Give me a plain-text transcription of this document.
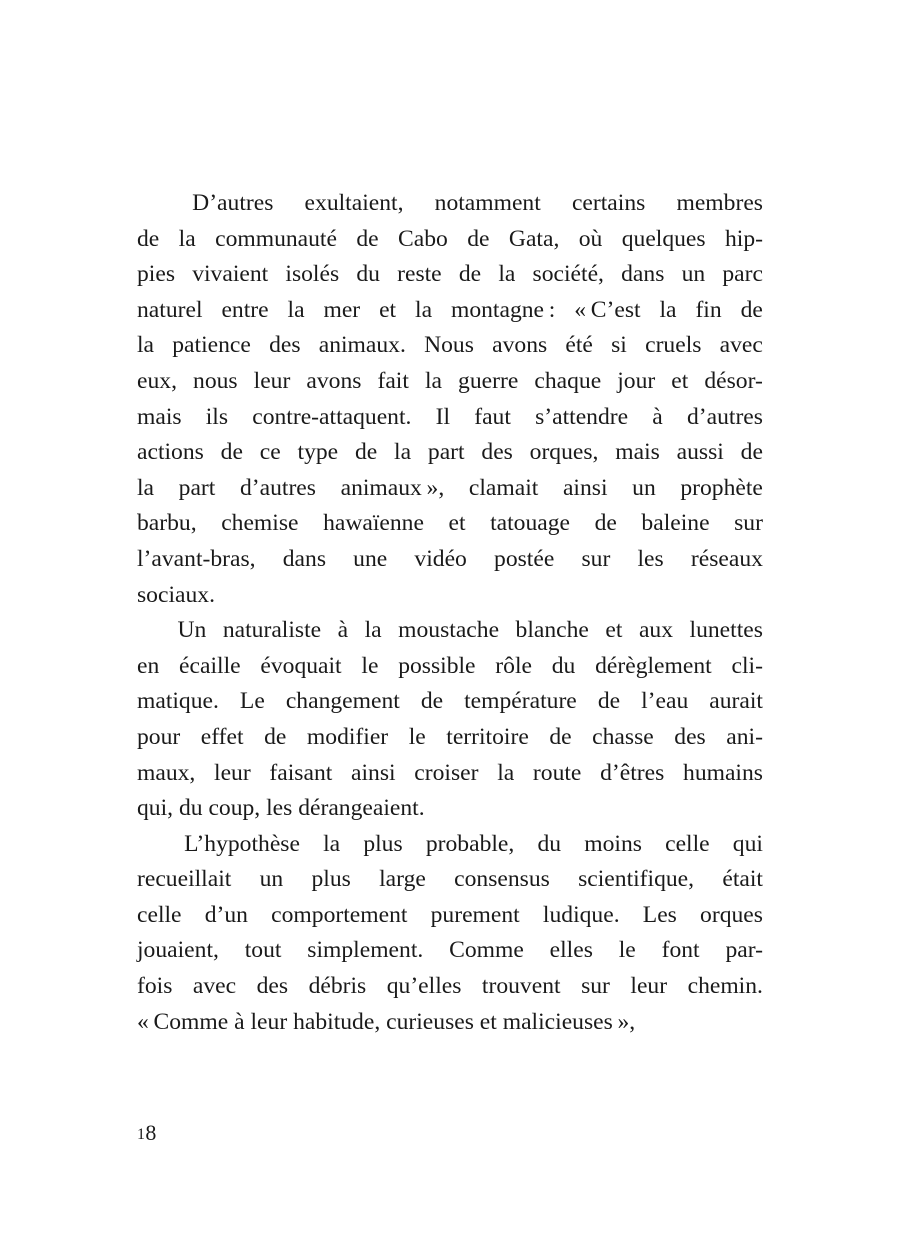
D’autres exultaient, notamment certains membres
de la communauté de Cabo de Gata, où quelques hip-
pies vivaient isolés du reste de la société, dans un parc
naturel entre la mer et la montagne : « C’est la fin de
la patience des animaux. Nous avons été si cruels avec
eux, nous leur avons fait la guerre chaque jour et désor-
mais ils contre-attaquent. Il faut s’attendre à d’autres
actions de ce type de la part des orques, mais aussi de
la part d’autres animaux », clamait ainsi un prophète
barbu, chemise hawaïenne et tatouage de baleine sur
l’avant-bras, dans une vidéo postée sur les réseaux
sociaux.
Un naturaliste à la moustache blanche et aux lunettes
en écaille évoquait le possible rôle du dérèglement cli-
matique. Le changement de température de l’eau aurait
pour effet de modifier le territoire de chasse des ani-
maux, leur faisant ainsi croiser la route d’êtres humains
qui, du coup, les dérangeaient.
L’hypothèse la plus probable, du moins celle qui
recueillait un plus large consensus scientifique, était
celle d’un comportement purement ludique. Les orques
jouaient, tout simplement. Comme elles le font par-
fois avec des débris qu’elles trouvent sur leur chemin.
« Comme à leur habitude, curieuses et malicieuses »,
18
